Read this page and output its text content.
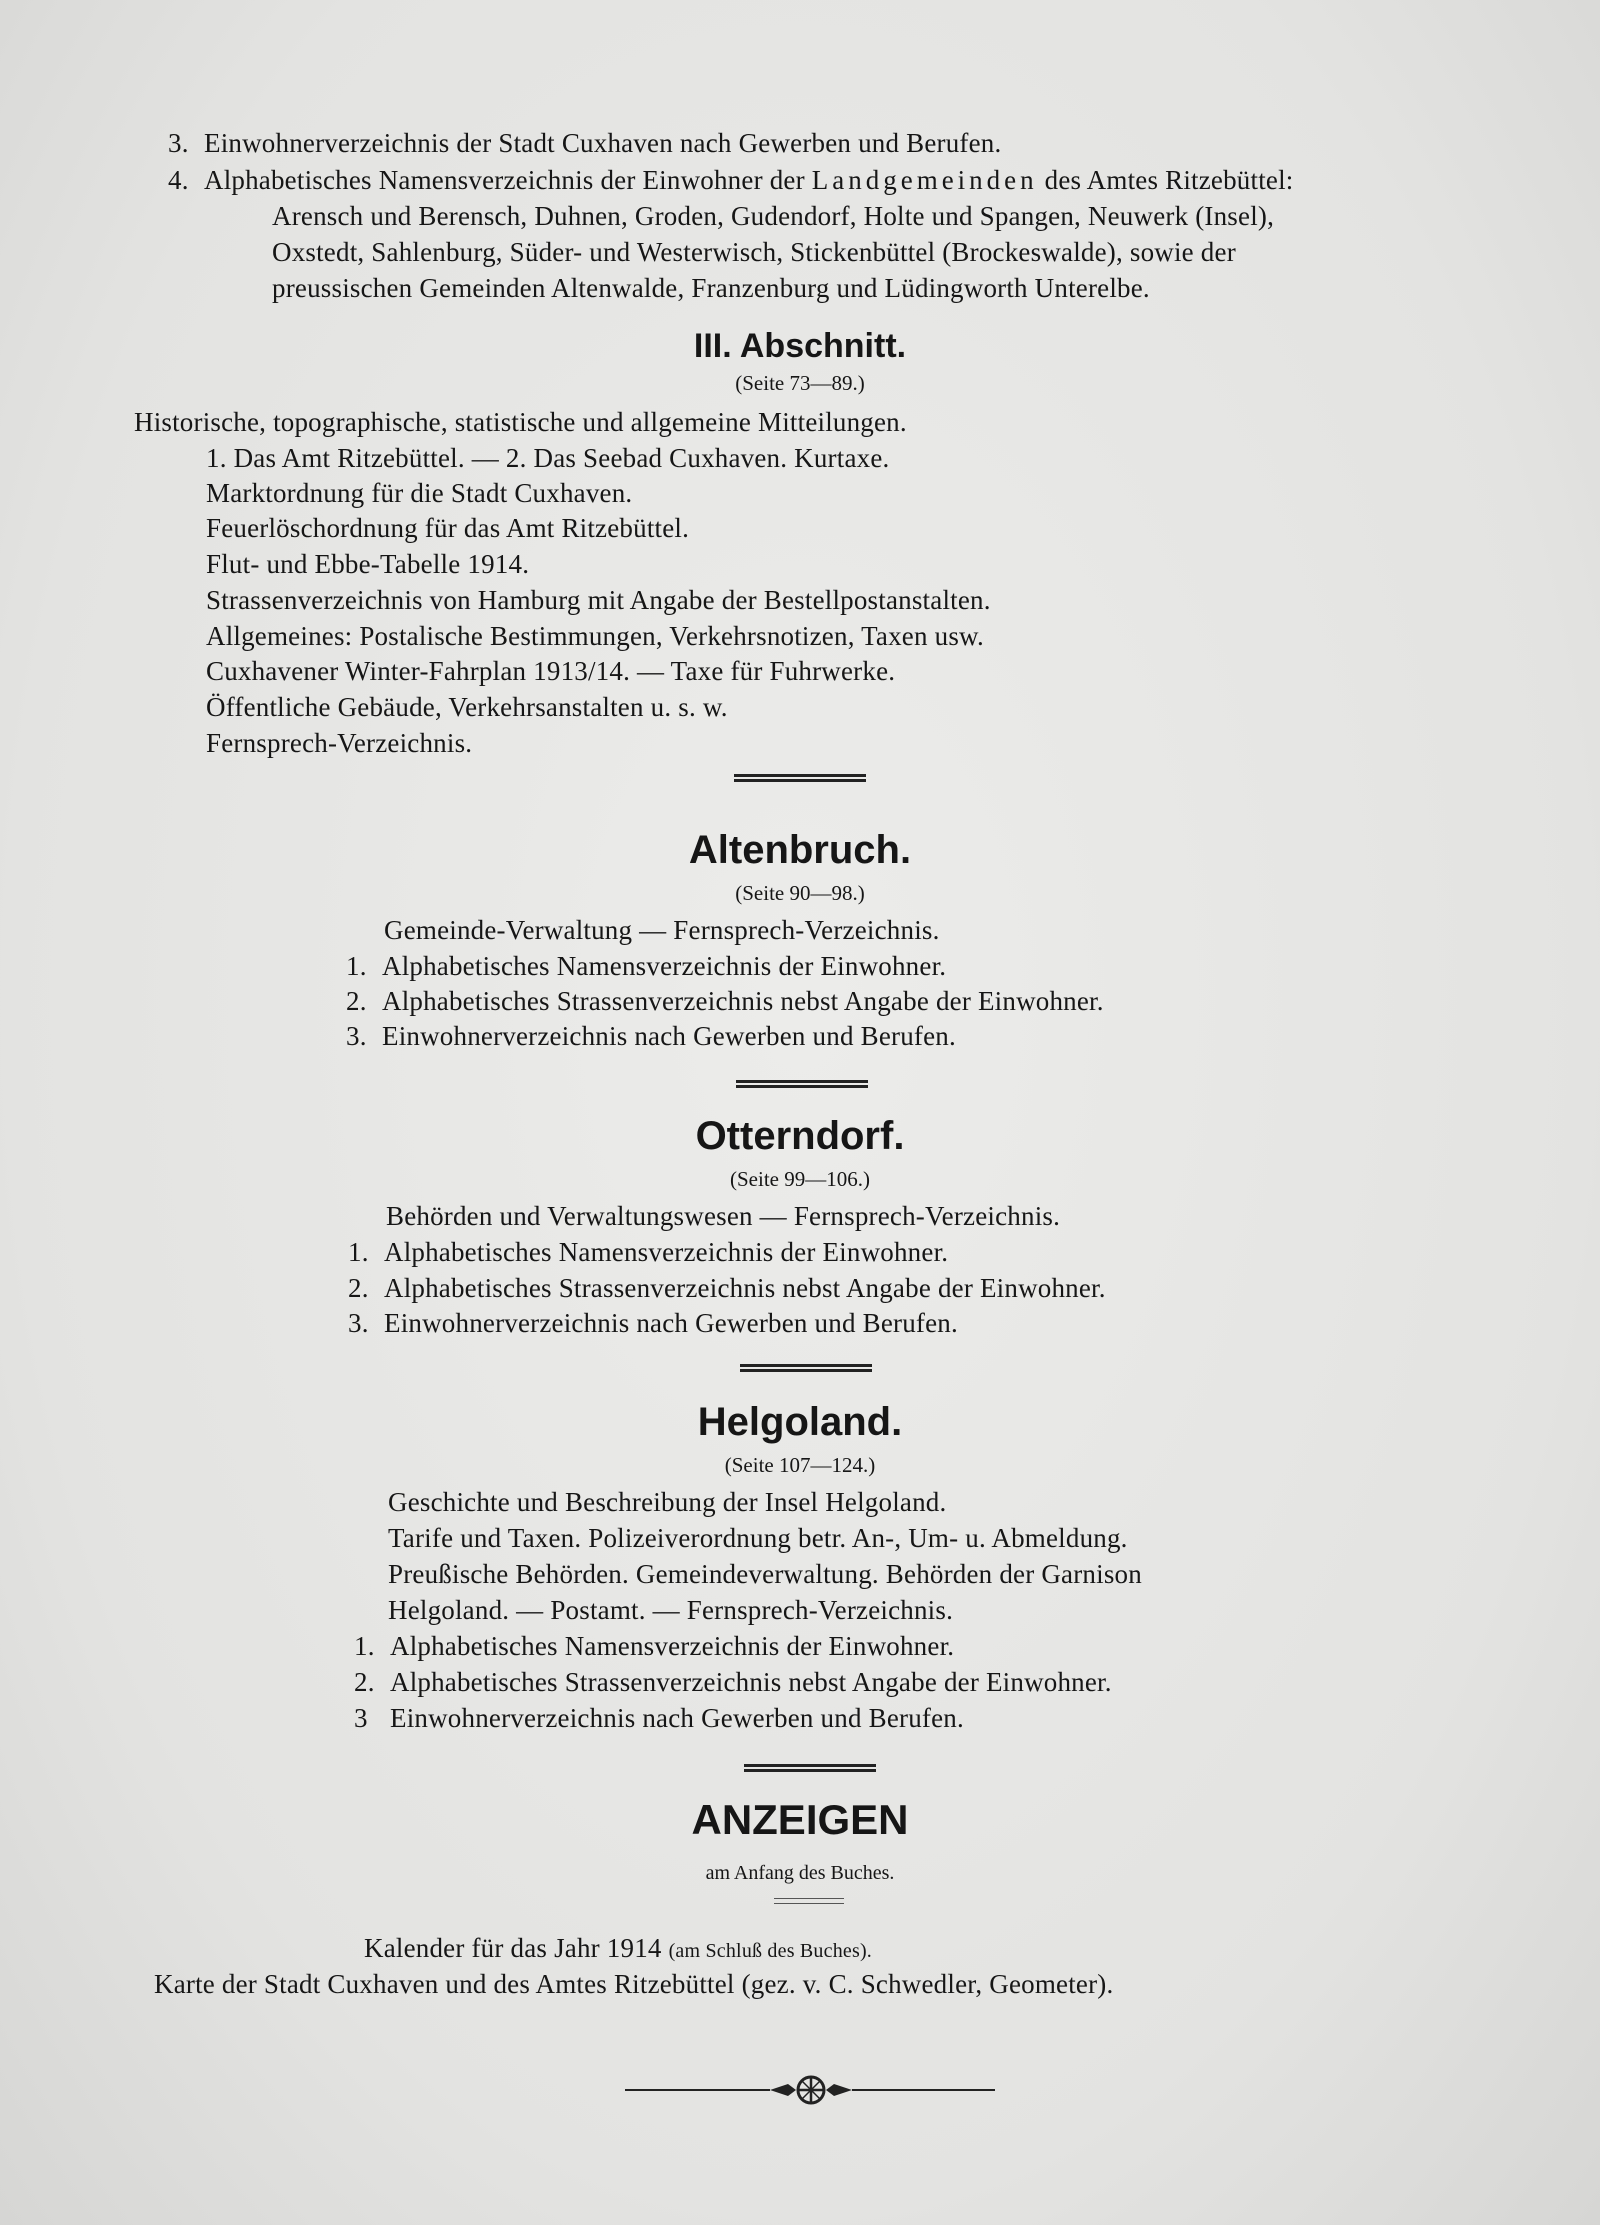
3. Einwohnerverzeichnis der Stadt Cuxhaven nach Gewerben und Berufen.
4. Alphabetisches Namensverzeichnis der Einwohner der Landgemeinden des Amtes Ritzebüttel:
Arensch und Berensch, Duhnen, Groden, Gudendorf, Holte und Spangen, Neuwerk (Insel),
Oxstedt, Sahlenburg, Süder- und Westerwisch, Stickenbüttel (Brockeswalde), sowie der
preussischen Gemeinden Altenwalde, Franzenburg und Lüdingworth Unterelbe.
III. Abschnitt.
(Seite 73—89.)
Historische, topographische, statistische und allgemeine Mitteilungen.
1. Das Amt Ritzebüttel. — 2. Das Seebad Cuxhaven. Kurtaxe.
Marktordnung für die Stadt Cuxhaven.
Feuerlöschordnung für das Amt Ritzebüttel.
Flut- und Ebbe-Tabelle 1914.
Strassenverzeichnis von Hamburg mit Angabe der Bestellpostanstalten.
Allgemeines: Postalische Bestimmungen, Verkehrsnotizen, Taxen usw.
Cuxhavener Winter-Fahrplan 1913/14. — Taxe für Fuhrwerke.
Öffentliche Gebäude, Verkehrsanstalten u. s. w.
Fernsprech-Verzeichnis.
Altenbruch.
(Seite 90—98.)
Gemeinde-Verwaltung — Fernsprech-Verzeichnis.
1. Alphabetisches Namensverzeichnis der Einwohner.
2. Alphabetisches Strassenverzeichnis nebst Angabe der Einwohner.
3. Einwohnerverzeichnis nach Gewerben und Berufen.
Otterndorf.
(Seite 99—106.)
Behörden und Verwaltungswesen — Fernsprech-Verzeichnis.
1. Alphabetisches Namensverzeichnis der Einwohner.
2. Alphabetisches Strassenverzeichnis nebst Angabe der Einwohner.
3. Einwohnerverzeichnis nach Gewerben und Berufen.
Helgoland.
(Seite 107—124.)
Geschichte und Beschreibung der Insel Helgoland.
Tarife und Taxen. Polizeiverordnung betr. An-, Um- u. Abmeldung.
Preußische Behörden. Gemeindeverwaltung. Behörden der Garnison
Helgoland. — Postamt. — Fernsprech-Verzeichnis.
1. Alphabetisches Namensverzeichnis der Einwohner.
2. Alphabetisches Strassenverzeichnis nebst Angabe der Einwohner.
3 Einwohnerverzeichnis nach Gewerben und Berufen.
ANZEIGEN
am Anfang des Buches.
Kalender für das Jahr 1914 (am Schluß des Buches).
Karte der Stadt Cuxhaven und des Amtes Ritzebüttel (gez. v. C. Schwedler, Geometer).
